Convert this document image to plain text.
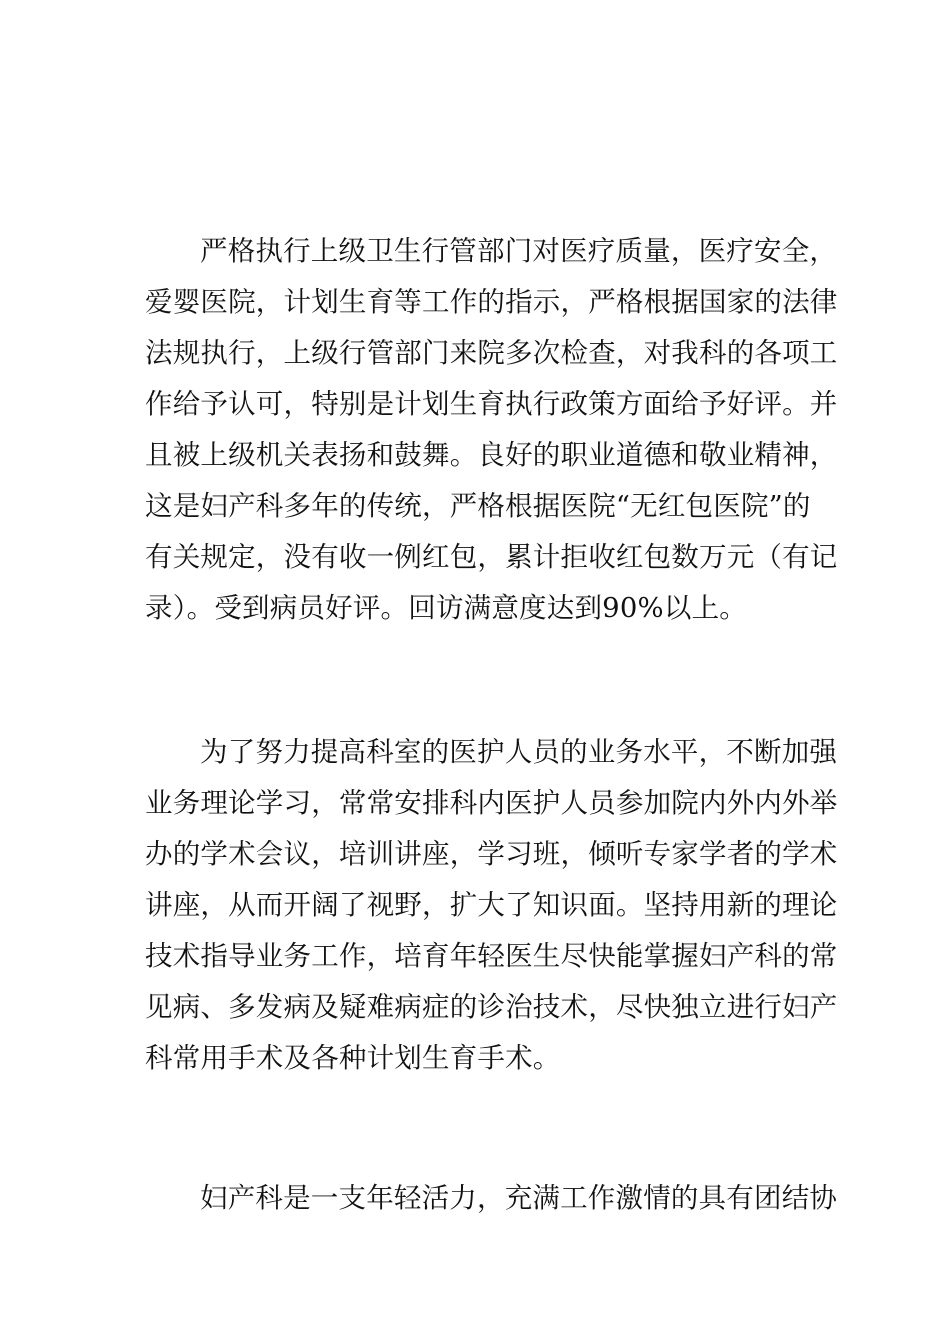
严格执行上级卫生行管部门对医疗质量，医疗安全，
爱婴医院，计划生育等工作的指示，严格根据国家的法律
法规执行，上级行管部门来院多次检查，对我科的各项工
作给予认可，特别是计划生育执行政策方面给予好评。并
且被上级机关表扬和鼓舞。良好的职业道德和敬业精神，
这是妇产科多年的传统，严格根据医院“无红包医院”的
有关规定，没有收一例红包，累计拒收红包数万元（有记
录）。受到病员好评。回访满意度达到90%以上。
为了努力提高科室的医护人员的业务水平，不断加强
业务理论学习，常常安排科内医护人员参加院内外内外举
办的学术会议，培训讲座，学习班，倾听专家学者的学术
讲座，从而开阔了视野，扩大了知识面。坚持用新的理论
技术指导业务工作，培育年轻医生尽快能掌握妇产科的常
见病、多发病及疑难病症的诊治技术，尽快独立进行妇产
科常用手术及各种计划生育手术。
妇产科是一支年轻活力，充满工作激情的具有团结协
